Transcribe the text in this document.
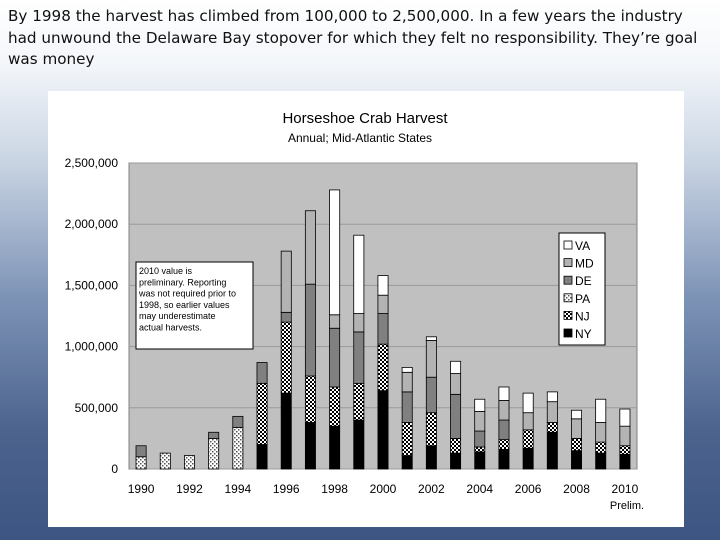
By 1998 the harvest has climbed from 100,000 to 2,500,000. In a few years the industry had unwound the Delaware Bay stopover for which they felt no responsibility. They’re goal was money
Horseshoe Crab Harvest
Annual; Mid-Atlantic States
0
500,000
1,000,000
1,500,000
2,000,000
2,500,000
1990 1992 1994 1996 1998 2000 2002 2004 2006 2008 2010
Prelim.
2010 value is preliminary. Reporting was not required prior to 1998, so earlier values may underestimate actual harvests.
VA
MD
DE
PA
NJ
NY
